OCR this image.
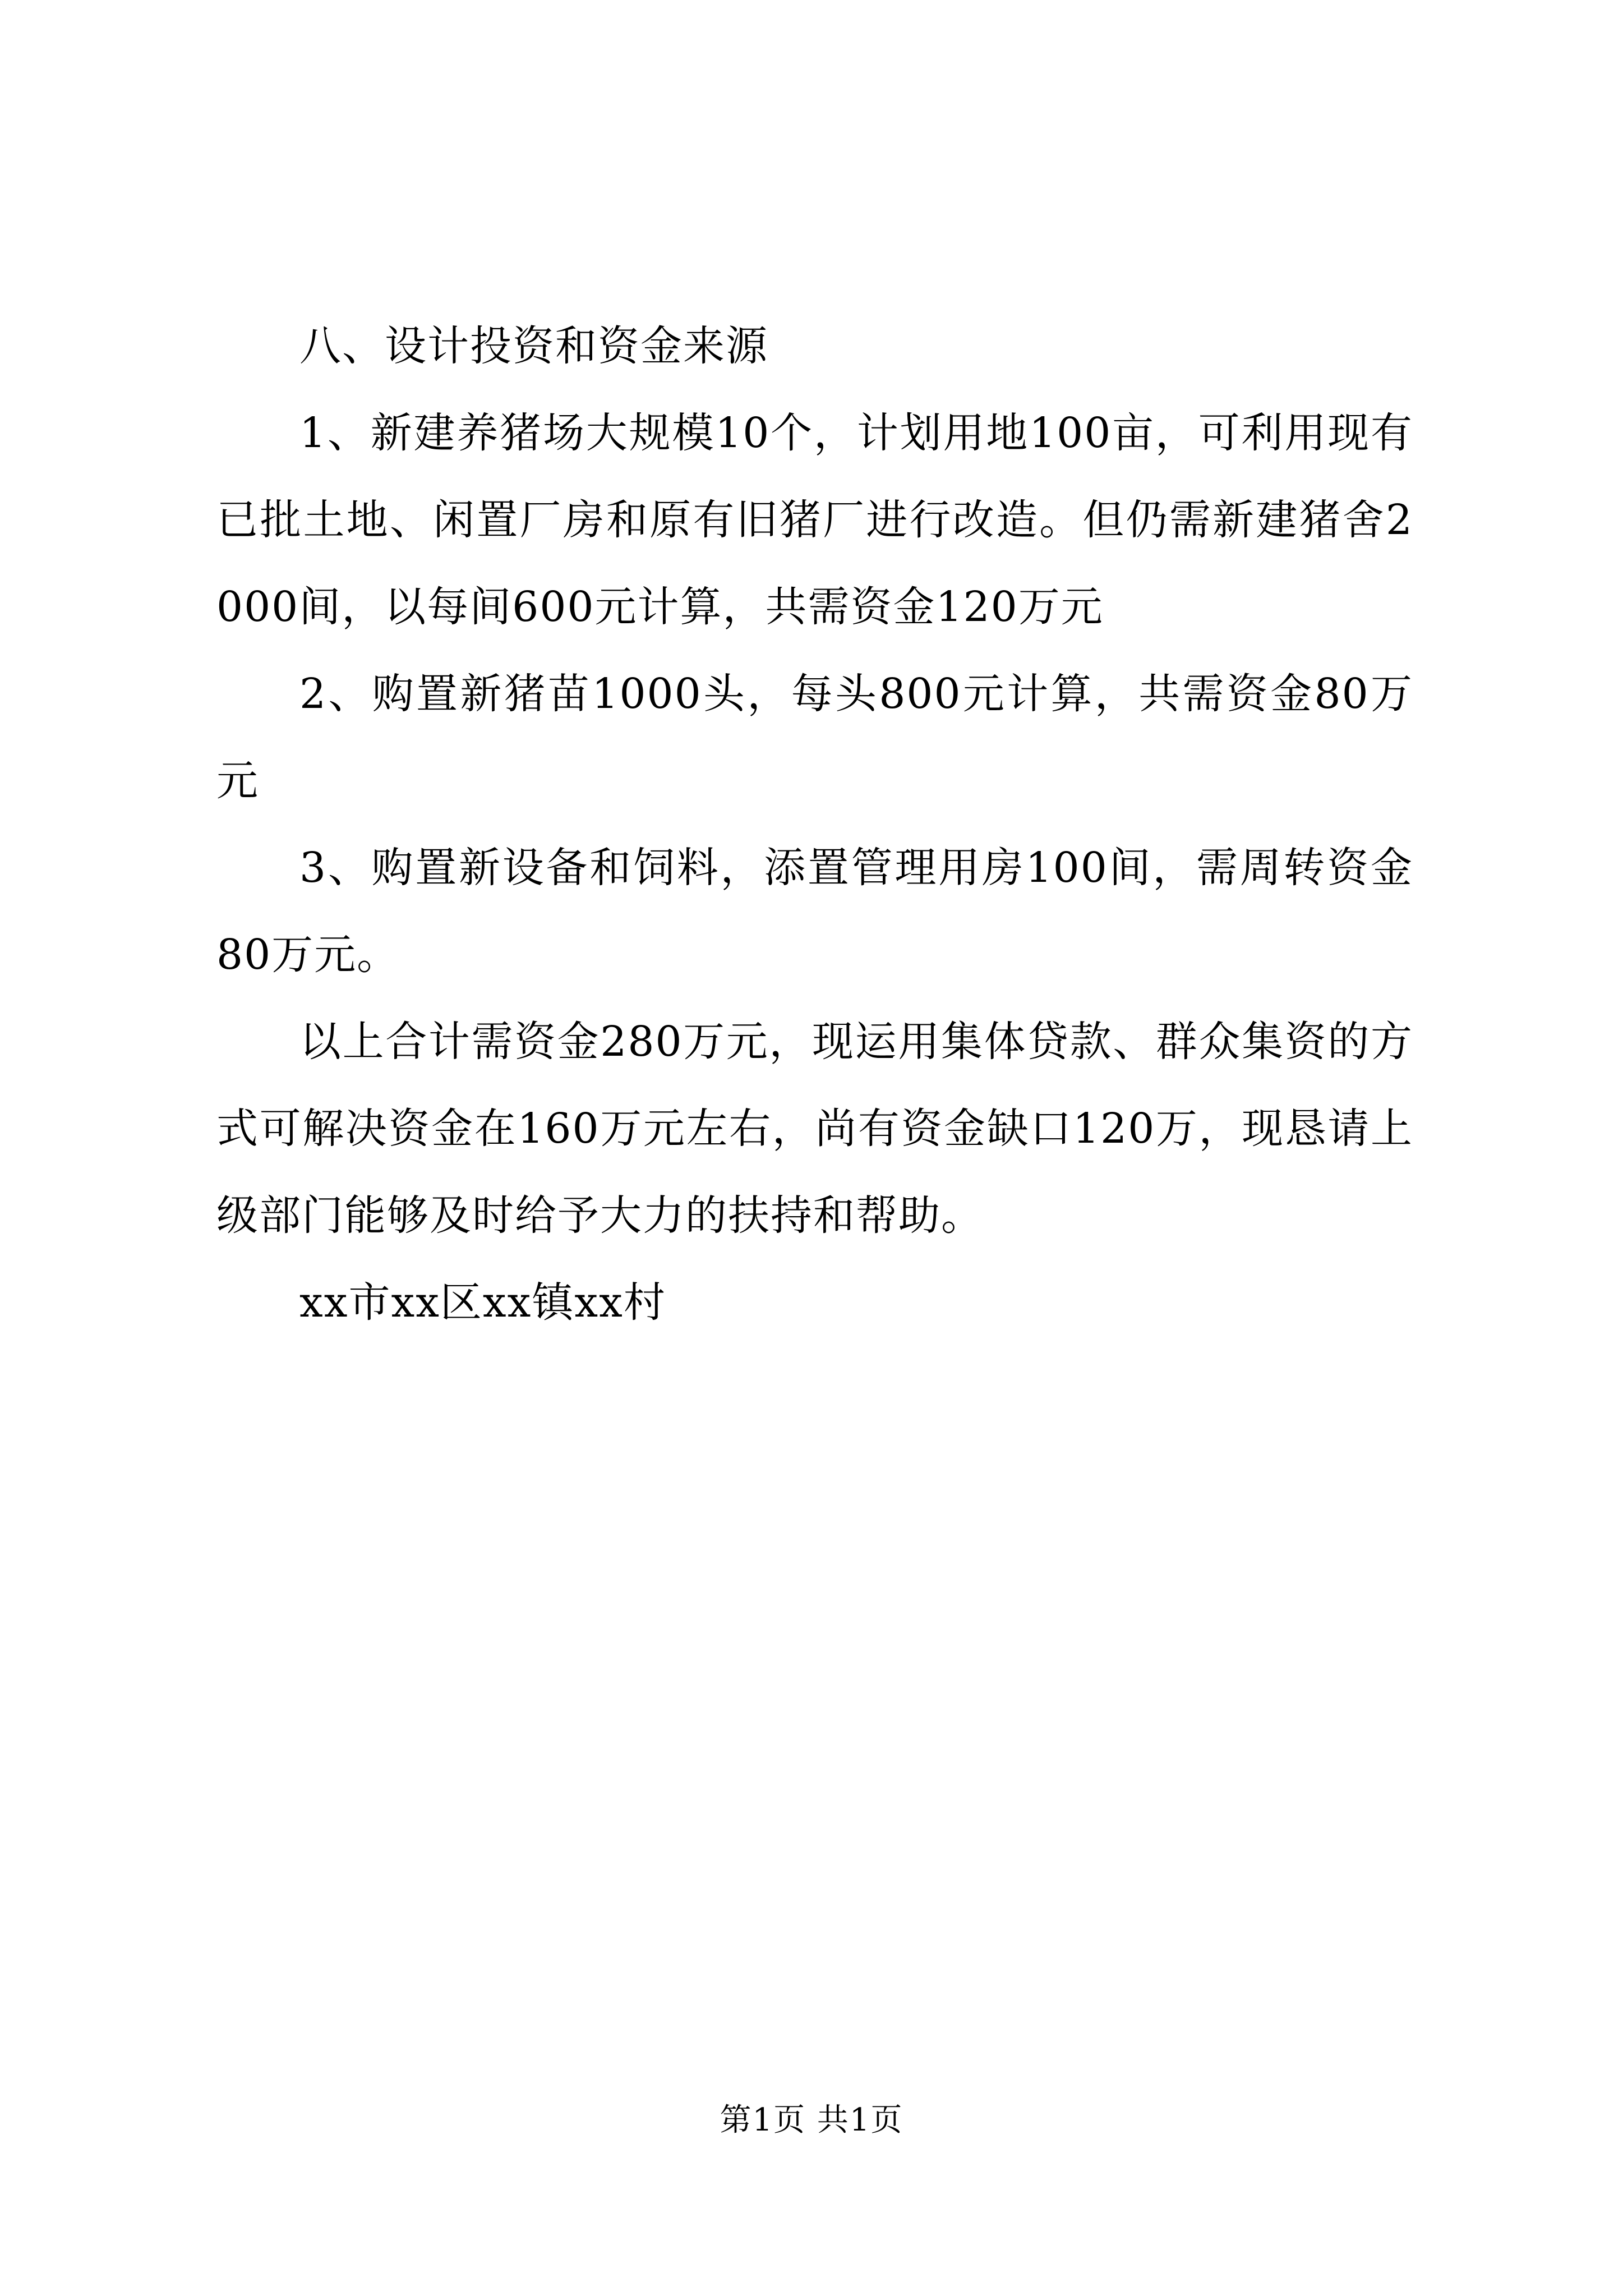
八、设计投资和资金来源

1、新建养猪场大规模10个，计划用地100亩，可利用现有已批土地、闲置厂房和原有旧猪厂进行改造。但仍需新建猪舍2000间，以每间600元计算，共需资金120万元

2、购置新猪苗1000头，每头800元计算，共需资金80万元

3、购置新设备和饲料，添置管理用房100间，需周转资金80万元。

以上合计需资金280万元，现运用集体贷款、群众集资的方式可解决资金在160万元左右，尚有资金缺口120万，现恳请上级部门能够及时给予大力的扶持和帮助。

xx市xx区xx镇xx村

第1页 共1页
